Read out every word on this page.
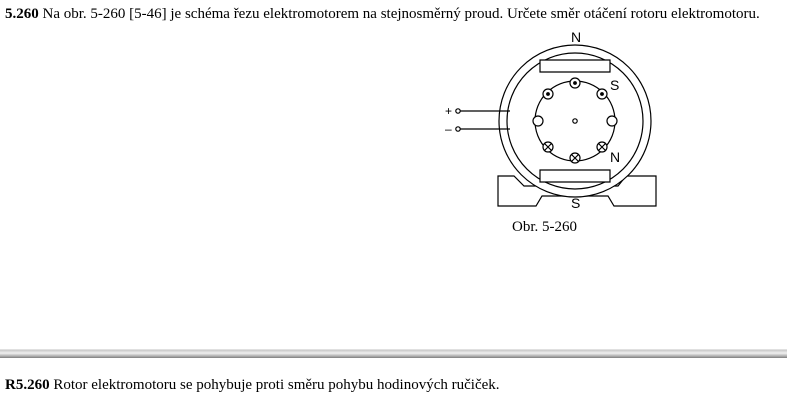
5.260 Na obr. 5-260 [5-46] je schéma řezu elektromotorem na stejnosměrný proud. Určete směr otáčení rotoru elektromotoru.
N
S
S
N
+
–
Obr. 5-260
R5.260 Rotor elektromotoru se pohybuje proti směru pohybu hodinových ručiček.
